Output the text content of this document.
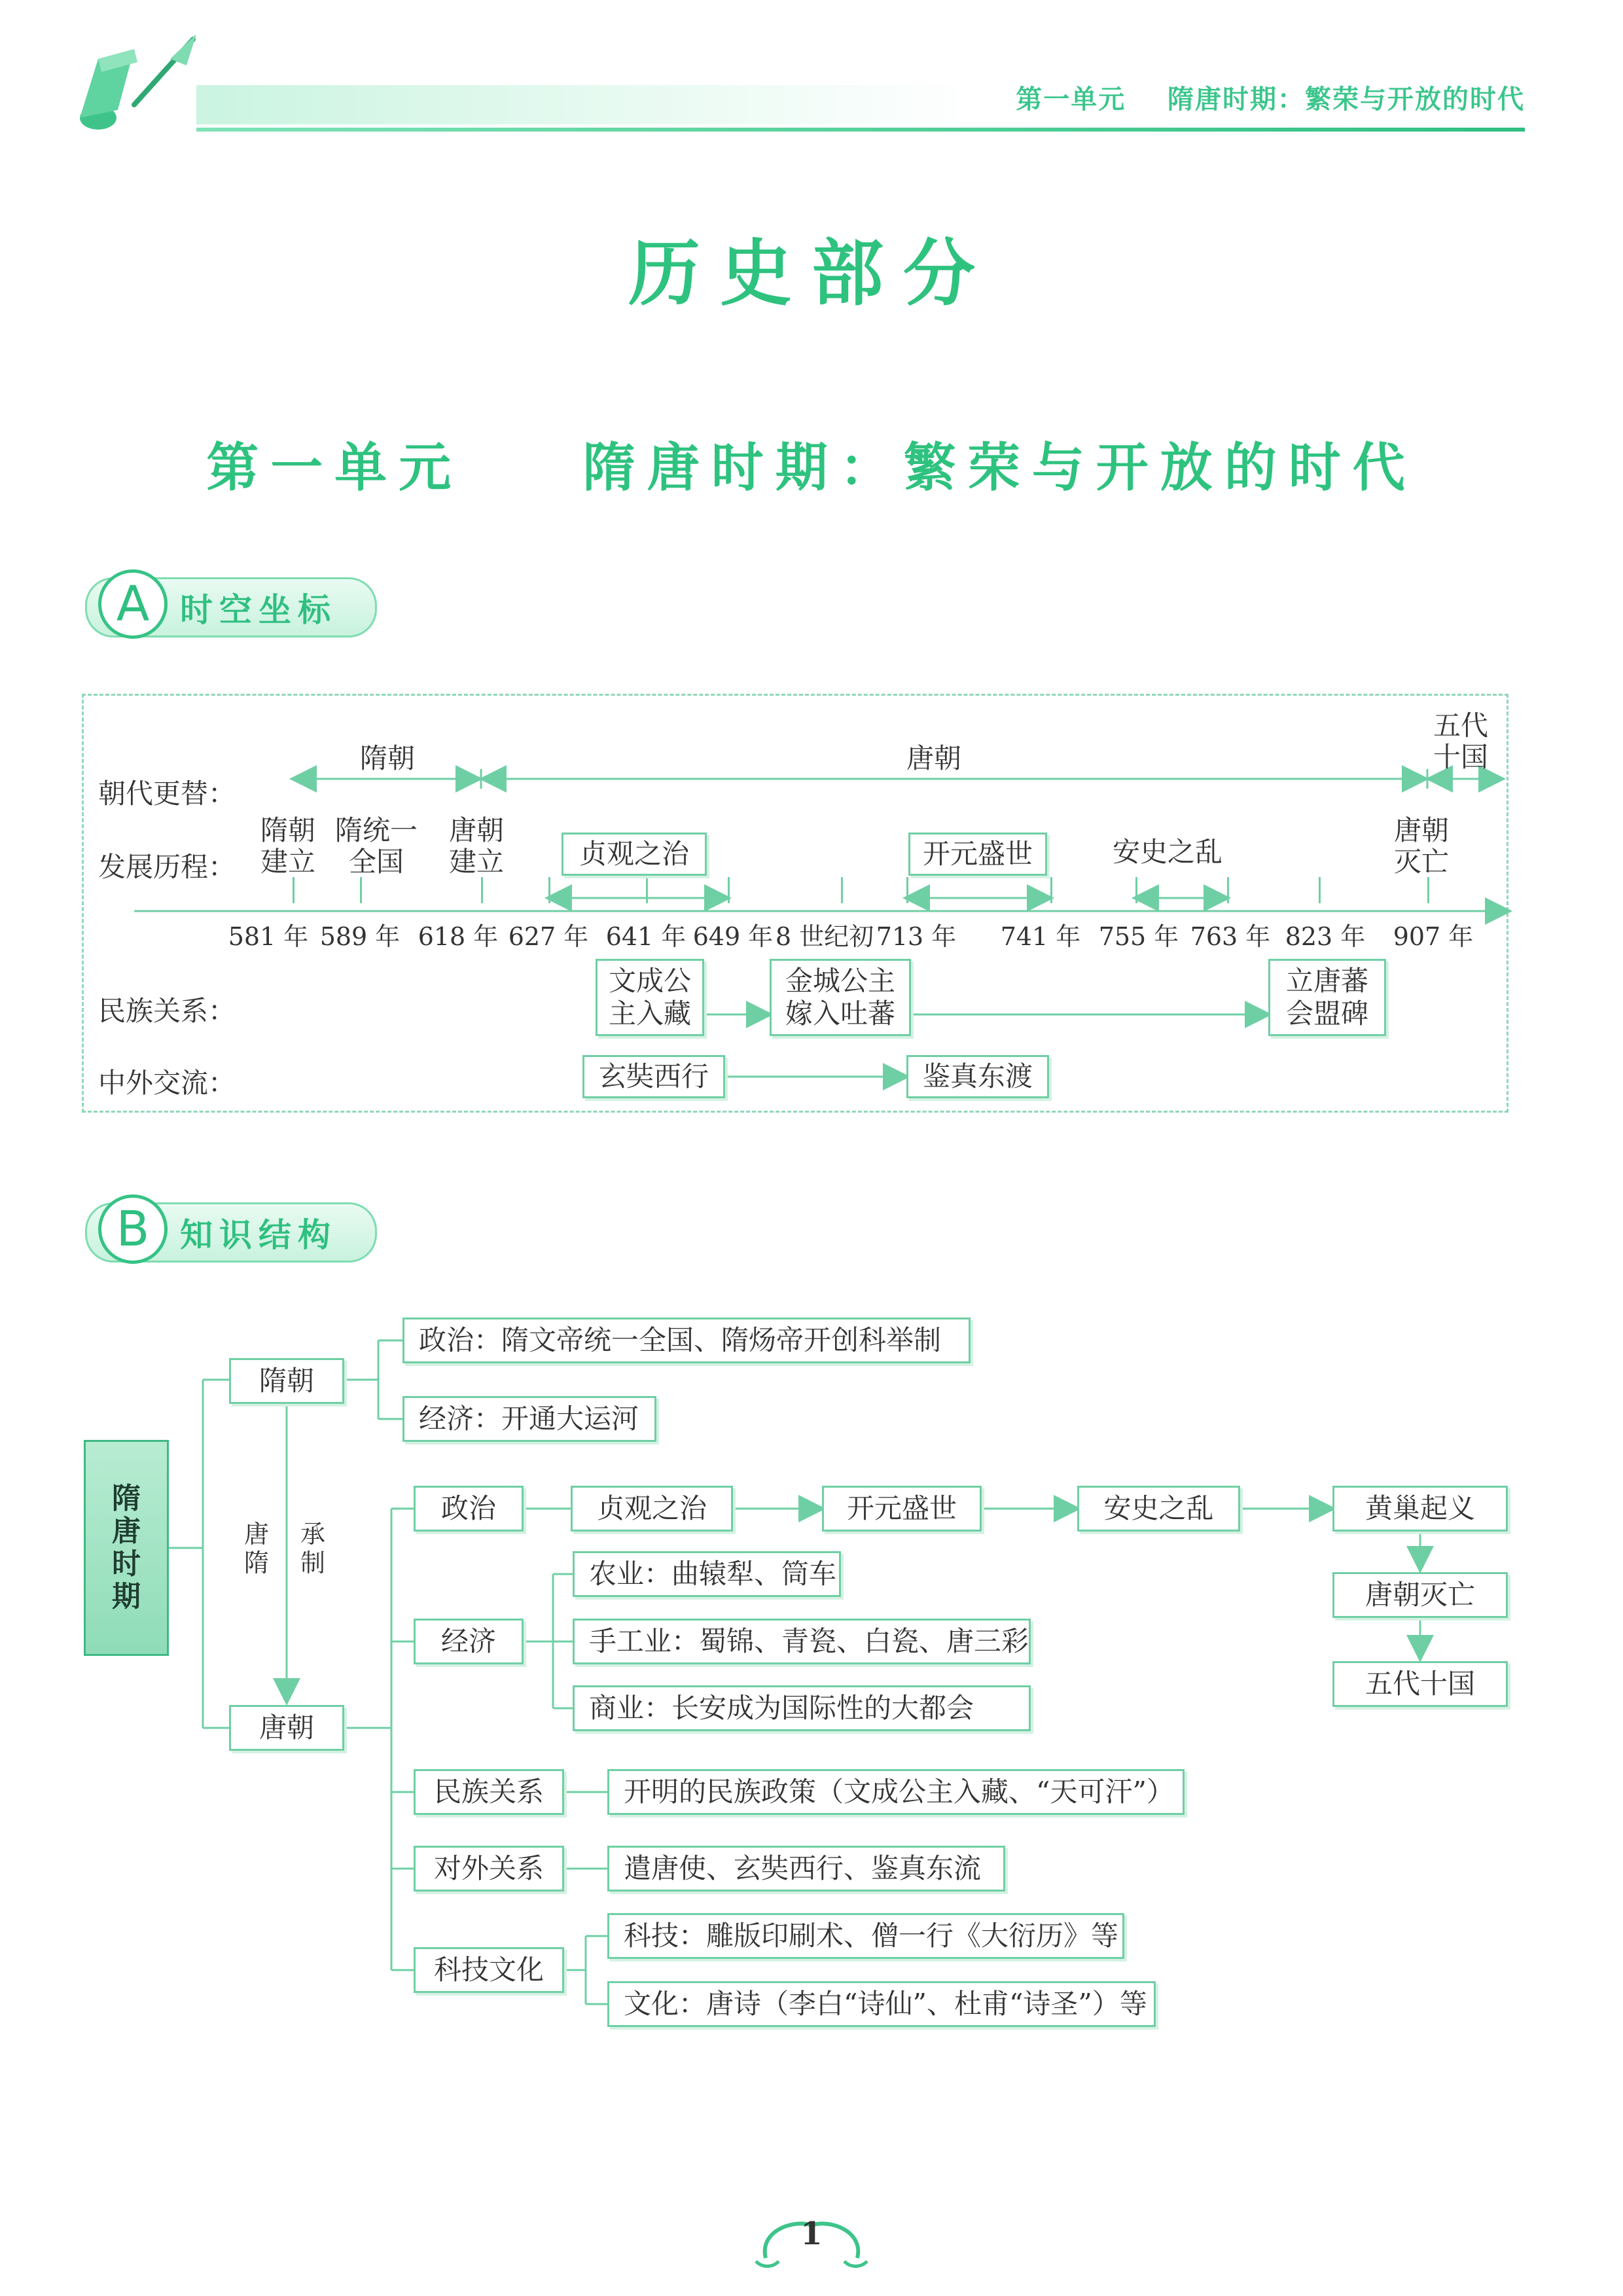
第一单元    隋唐时期：繁荣与开放的时代
历史部分
第一单元    隋唐时期：繁荣与开放的时代
A 时空坐标
朝代更替：
发展历程：
民族关系：
中外交流：
隋朝	唐朝
五代
十国
隋朝
建立
隋统一
全国
唐朝
建立	贞观之治	开元盛世	安史之乱
唐朝
灭亡
581 年 589 年 618 年 627 年 641 年 649 年 8 世纪初 713 年 741 年 755 年 763 年 823 年 907 年
文成公
主入藏
金城公主
嫁入吐蕃
立唐蕃
会盟碑
玄奘西行	鉴真东渡
B 知识结构
隋唐时期
隋朝
唐朝
唐隋
承制
政治：隋文帝统一全国、隋炀帝开创科举制
经济：开通大运河
政治
经济
民族关系
对外关系
科技文化
贞观之治	开元盛世	安史之乱	黄巢起义
唐朝灭亡
五代十国
农业：曲辕犁、筒车
手工业：蜀锦、青瓷、白瓷、唐三彩
商业：长安成为国际性的大都会
开明的民族政策（文成公主入藏、“天可汗”）
遣唐使、玄奘西行、鉴真东流
科技：雕版印刷术、僧一行《大衍历》等
文化：唐诗（李白“诗仙”、杜甫“诗圣”）等
1
